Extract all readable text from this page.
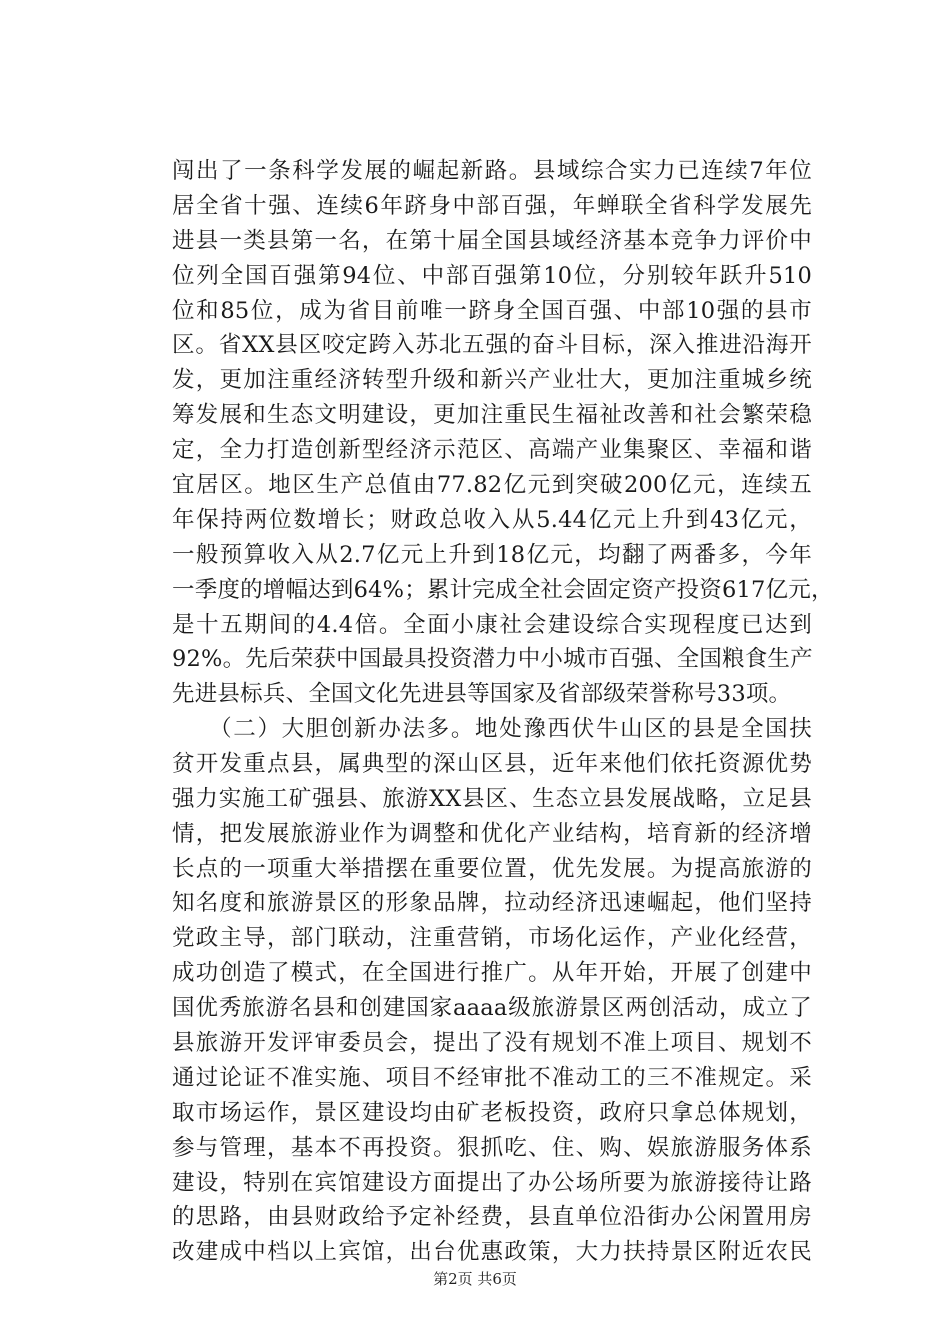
闯出了一条科学发展的崛起新路。县域综合实力已连续7年位
居全省十强、连续6年跻身中部百强，年蝉联全省科学发展先
进县一类县第一名，在第十届全国县域经济基本竞争力评价中
位列全国百强第94位、中部百强第10位，分别较年跃升510
位和85位，成为省目前唯一跻身全国百强、中部10强的县市
区。省XX县区咬定跨入苏北五强的奋斗目标，深入推进沿海开
发，更加注重经济转型升级和新兴产业壮大，更加注重城乡统
筹发展和生态文明建设，更加注重民生福祉改善和社会繁荣稳
定，全力打造创新型经济示范区、高端产业集聚区、幸福和谐
宜居区。地区生产总值由77.82亿元到突破200亿元，连续五
年保持两位数增长；财政总收入从5.44亿元上升到43亿元，
一般预算收入从2.7亿元上升到18亿元，均翻了两番多，今年
一季度的增幅达到64%；累计完成全社会固定资产投资617亿元，
是十五期间的4.4倍。全面小康社会建设综合实现程度已达到
92%。先后荣获中国最具投资潜力中小城市百强、全国粮食生产
先进县标兵、全国文化先进县等国家及省部级荣誉称号33项。
　　（二）大胆创新办法多。地处豫西伏牛山区的县是全国扶
贫开发重点县，属典型的深山区县，近年来他们依托资源优势
强力实施工矿强县、旅游XX县区、生态立县发展战略，立足县
情，把发展旅游业作为调整和优化产业结构，培育新的经济增
长点的一项重大举措摆在重要位置，优先发展。为提高旅游的
知名度和旅游景区的形象品牌，拉动经济迅速崛起，他们坚持
党政主导，部门联动，注重营销，市场化运作，产业化经营，
成功创造了模式，在全国进行推广。从年开始，开展了创建中
国优秀旅游名县和创建国家aaaa级旅游景区两创活动，成立了
县旅游开发评审委员会，提出了没有规划不准上项目、规划不
通过论证不准实施、项目不经审批不准动工的三不准规定。采
取市场运作，景区建设均由矿老板投资，政府只拿总体规划，
参与管理，基本不再投资。狠抓吃、住、购、娱旅游服务体系
建设，特别在宾馆建设方面提出了办公场所要为旅游接待让路
的思路，由县财政给予定补经费，县直单位沿街办公闲置用房
改建成中档以上宾馆，出台优惠政策，大力扶持景区附近农民
第2页 共6页
